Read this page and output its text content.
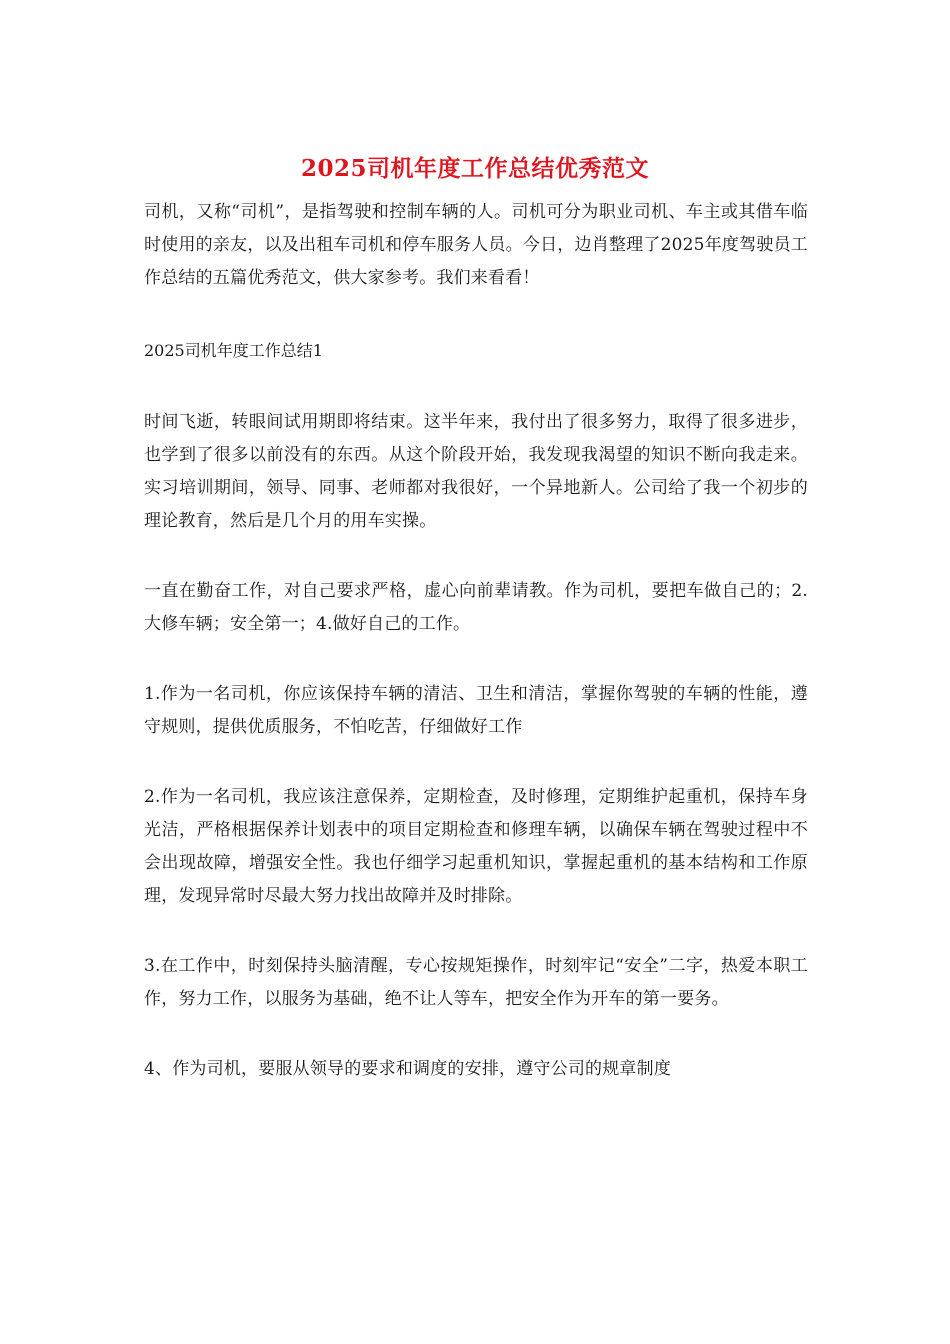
2025司机年度工作总结优秀范文

司机，又称“司机”，是指驾驶和控制车辆的人。司机可分为职业司机、车主或其借车临时使用的亲友，以及出租车司机和停车服务人员。今日，边肖整理了2025年度驾驶员工作总结的五篇优秀范文，供大家参考。我们来看看！

2025司机年度工作总结1

时间飞逝，转眼间试用期即将结束。这半年来，我付出了很多努力，取得了很多进步，也学到了很多以前没有的东西。从这个阶段开始，我发现我渴望的知识不断向我走来。实习培训期间，领导、同事、老师都对我很好，一个异地新人。公司给了我一个初步的理论教育，然后是几个月的用车实操。

一直在勤奋工作，对自己要求严格，虚心向前辈请教。作为司机，要把车做自己的；2.大修车辆；安全第一；4.做好自己的工作。

1.作为一名司机，你应该保持车辆的清洁、卫生和清洁，掌握你驾驶的车辆的性能，遵守规则，提供优质服务，不怕吃苦，仔细做好工作

2.作为一名司机，我应该注意保养，定期检查，及时修理，定期维护起重机，保持车身光洁，严格根据保养计划表中的项目定期检查和修理车辆，以确保车辆在驾驶过程中不会出现故障，增强安全性。我也仔细学习起重机知识，掌握起重机的基本结构和工作原理，发现异常时尽最大努力找出故障并及时排除。

3.在工作中，时刻保持头脑清醒，专心按规矩操作，时刻牢记“安全”二字，热爱本职工作，努力工作，以服务为基础，绝不让人等车，把安全作为开车的第一要务。

4、作为司机，要服从领导的要求和调度的安排，遵守公司的规章制度
